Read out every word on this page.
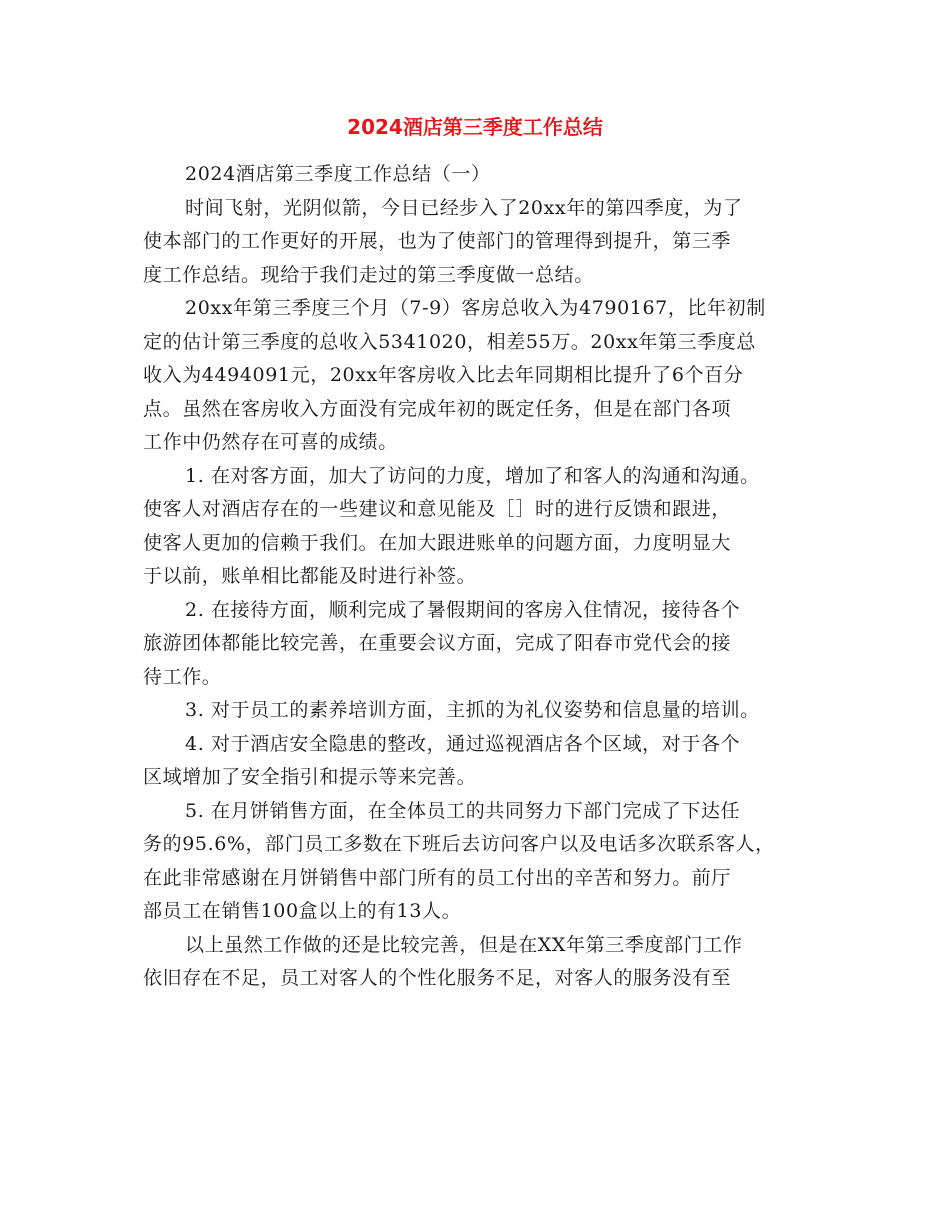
2024酒店第三季度工作总结

2024酒店第三季度工作总结（一）

时间飞射，光阴似箭，今日已经步入了20xx年的第四季度，为了
使本部门的工作更好的开展，也为了使部门的管理得到提升，第三季
度工作总结。现给于我们走过的第三季度做一总结。

20xx年第三季度三个月（7-9）客房总收入为4790167，比年初制
定的估计第三季度的总收入5341020，相差55万。20xx年第三季度总
收入为4494091元，20xx年客房收入比去年同期相比提升了6个百分
点。虽然在客房收入方面没有完成年初的既定任务，但是在部门各项
工作中仍然存在可喜的成绩。

1. 在对客方面，加大了访问的力度，增加了和客人的沟通和沟通。
使客人对酒店存在的一些建议和意见能及［］时的进行反馈和跟进，
使客人更加的信赖于我们。在加大跟进账单的问题方面，力度明显大
于以前，账单相比都能及时进行补签。

2. 在接待方面，顺利完成了暑假期间的客房入住情况，接待各个
旅游团体都能比较完善，在重要会议方面，完成了阳春市党代会的接
待工作。

3. 对于员工的素养培训方面，主抓的为礼仪姿势和信息量的培训。

4. 对于酒店安全隐患的整改，通过巡视酒店各个区域，对于各个
区域增加了安全指引和提示等来完善。

5. 在月饼销售方面，在全体员工的共同努力下部门完成了下达任
务的95.6%，部门员工多数在下班后去访问客户以及电话多次联系客人，
在此非常感谢在月饼销售中部门所有的员工付出的辛苦和努力。前厅
部员工在销售100盒以上的有13人。

以上虽然工作做的还是比较完善，但是在XX年第三季度部门工作
依旧存在不足，员工对客人的个性化服务不足，对客人的服务没有至
